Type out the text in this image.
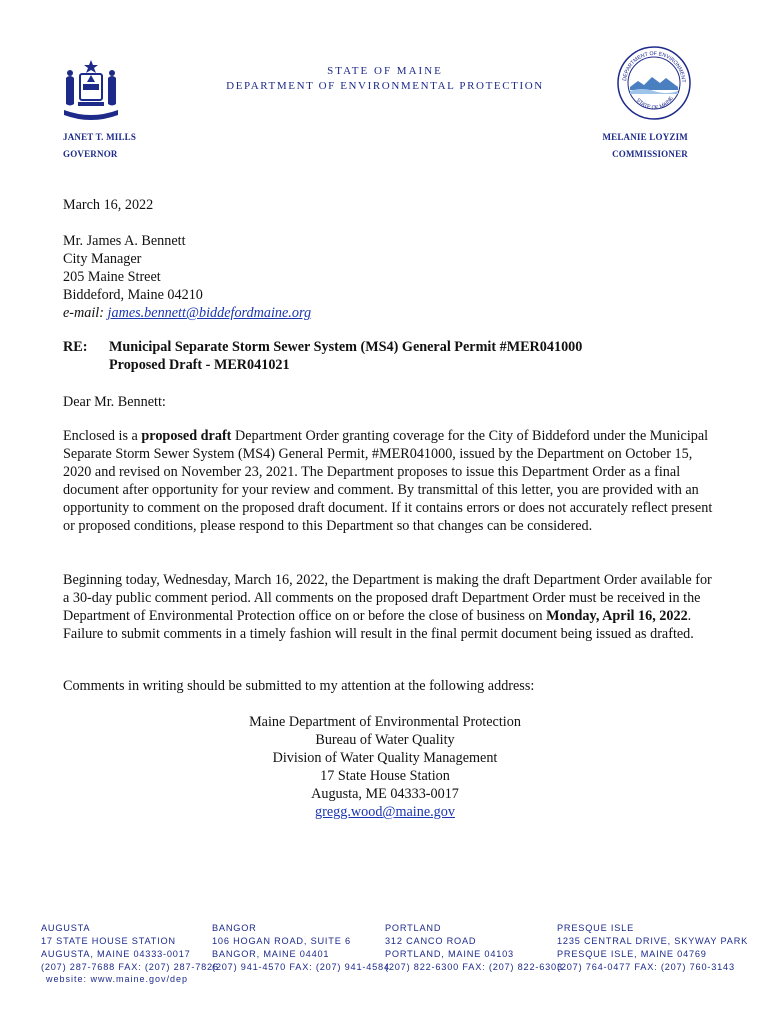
STATE OF MAINE
DEPARTMENT OF ENVIRONMENTAL PROTECTION
DEPARTMENT OF ENVIRONMENT
STATE OF MAINE
JANET T. MILLS
GOVERNOR
MELANIE LOYZIM
COMMISSIONER
March 16, 2022
Mr. James A. Bennett
City Manager
205 Maine Street
Biddeford, Maine 04210
e-mail: james.bennett@biddefordmaine.org
RE: Municipal Separate Storm Sewer System (MS4) General Permit #MER041000
Proposed Draft - MER041021
Dear Mr. Bennett:
Enclosed is a proposed draft Department Order granting coverage for the City of Biddeford under the Municipal Separate Storm Sewer System (MS4) General Permit, #MER041000, issued by the Department on October 15, 2020 and revised on November 23, 2021. The Department proposes to issue this Department Order as a final document after opportunity for your review and comment. By transmittal of this letter, you are provided with an opportunity to comment on the proposed draft document. If it contains errors or does not accurately reflect present or proposed conditions, please respond to this Department so that changes can be considered.
Beginning today, Wednesday, March 16, 2022, the Department is making the draft Department Order available for a 30-day public comment period. All comments on the proposed draft Department Order must be received in the Department of Environmental Protection office on or before the close of business on Monday, April 16, 2022. Failure to submit comments in a timely fashion will result in the final permit document being issued as drafted.
Comments in writing should be submitted to my attention at the following address:
Maine Department of Environmental Protection
Bureau of Water Quality
Division of Water Quality Management
17 State House Station
Augusta, ME 04333-0017
gregg.wood@maine.gov
AUGUSTA
17 STATE HOUSE STATION
AUGUSTA, MAINE 04333-0017
(207) 287-7688 FAX: (207) 287-7826
BANGOR
106 HOGAN ROAD, SUITE 6
BANGOR, MAINE 04401
(207) 941-4570 FAX: (207) 941-4584
PORTLAND
312 CANCO ROAD
PORTLAND, MAINE 04103
(207) 822-6300 FAX: (207) 822-6303
PRESQUE ISLE
1235 CENTRAL DRIVE, SKYWAY PARK
PRESQUE ISLE, MAINE 04769
(207) 764-0477 FAX: (207) 760-3143
website: www.maine.gov/dep
